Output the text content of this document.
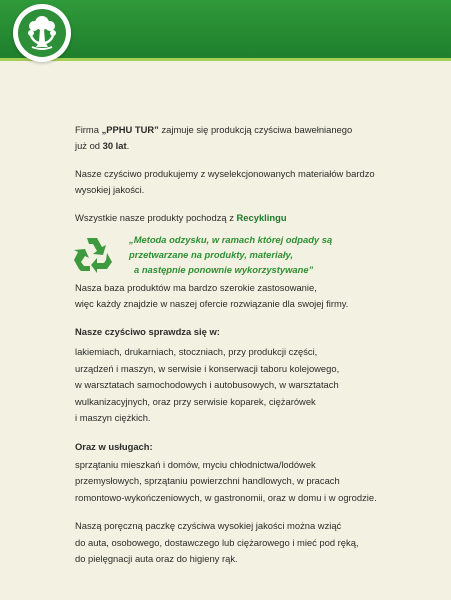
Firma „PPHU TUR” zajmuje się produkcją czyściwa bawełnianego
już od 30 lat.

Nasze czyściwo produkujemy z wyselekcjonowanych materiałów bardzo
wysokiej jakości.

Wszystkie nasze produkty pochodzą z Recyklingu

„Metoda odzysku, w ramach której odpady są
przetwarzane na produkty, materiały,
a następnie ponownie wykorzystywane”

Nasza baza produktów ma bardzo szerokie zastosowanie,
więc każdy znajdzie w naszej ofercie rozwiązanie dla swojej firmy.

Nasze czyściwo sprawdza się w:

lakiemiach, drukarniach, stoczniach, przy produkcji części,
urządzeń i maszyn, w serwisie i konserwacji taboru kolejowego,
w warsztatach samochodowych i autobusowych, w warsztatach
wulkanizacyjnych, oraz przy serwisie koparek, ciężarówek
i maszyn ciężkich.

Oraz w usługach:

sprzątaniu mieszkań i domów, myciu chłodnictwa/lodówek
przemysłowych, sprzątaniu powierzchni handlowych, w pracach
romontowo-wykończeniowych, w gastronomii, oraz w domu i w ogrodzie.

Naszą poręczną paczkę czyściwa wysokiej jakości można wziąć
do auta, osobowego, dostawczego lub ciężarowego i mieć pod ręką,
do pielęgnacji auta oraz do higieny rąk.
